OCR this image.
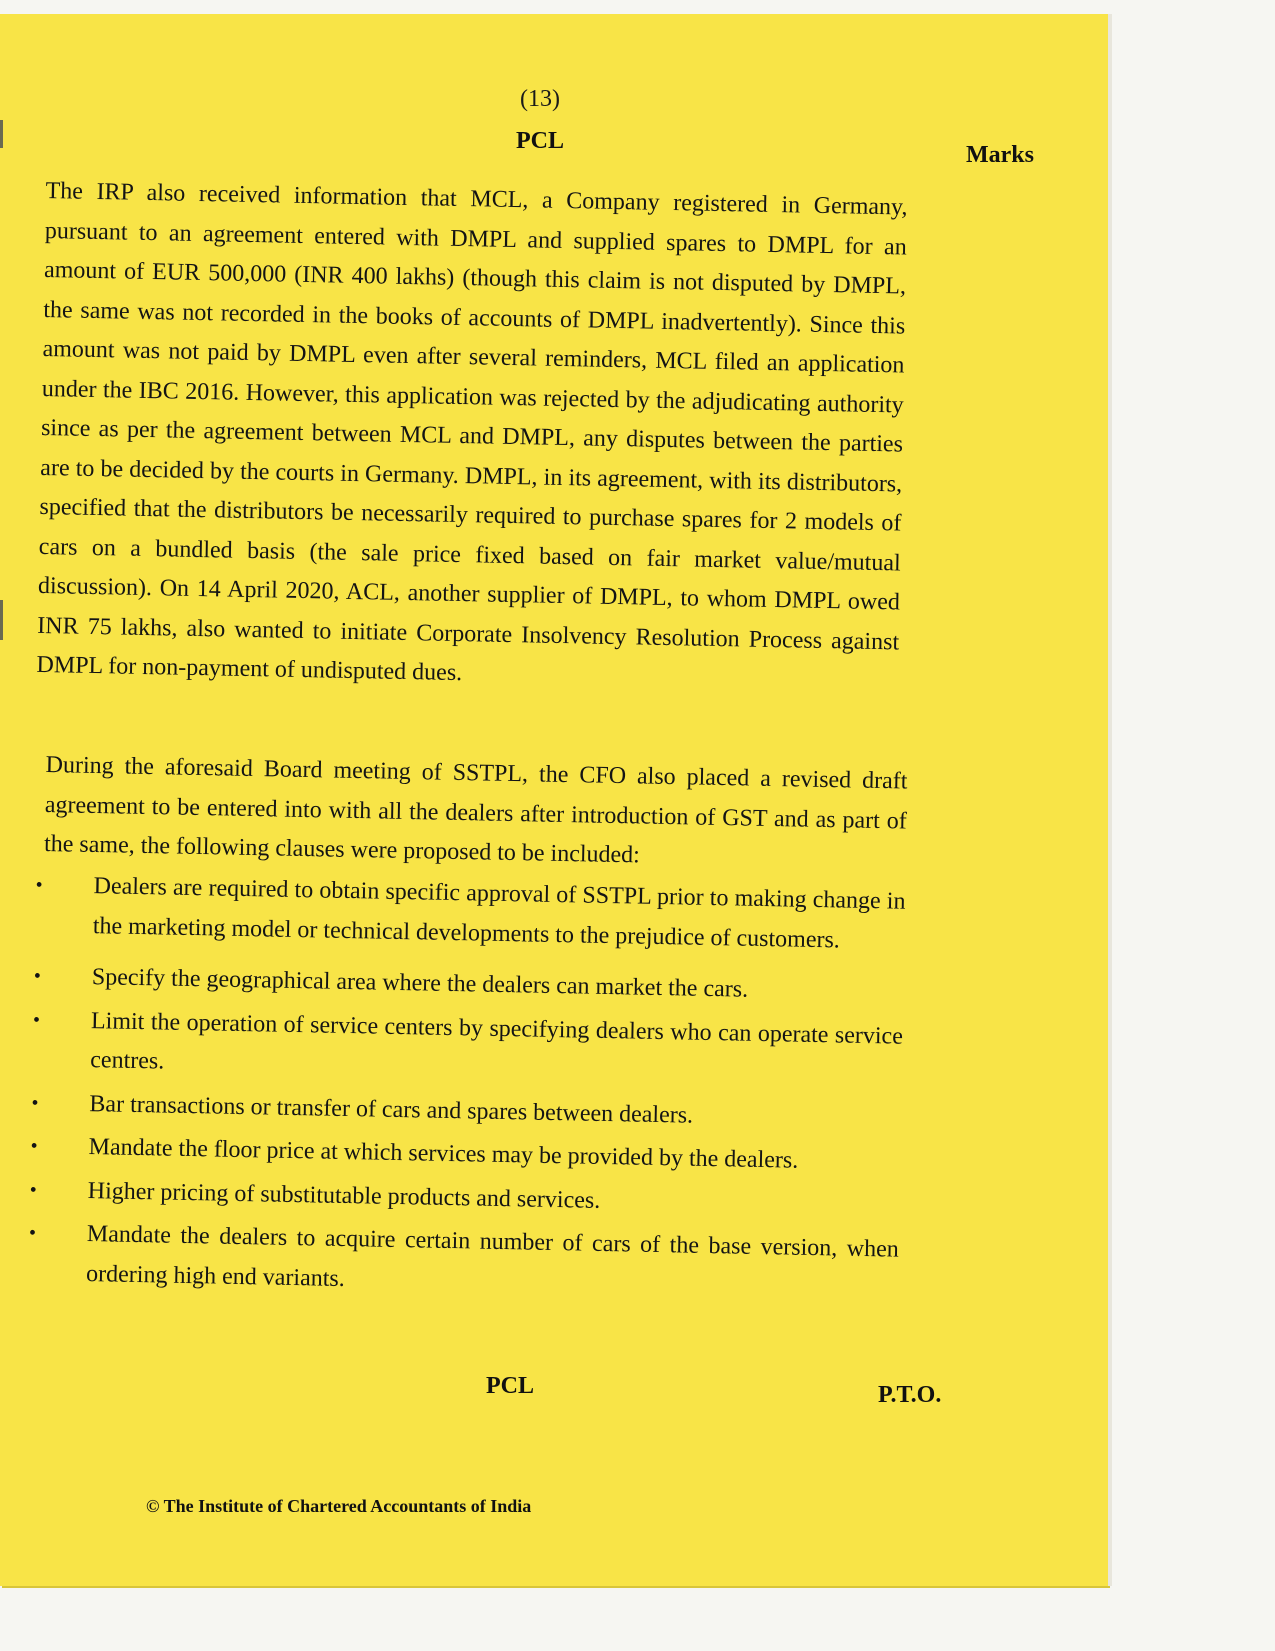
(13)
PCL
Marks

The IRP also received information that MCL, a Company registered in Germany, pursuant to an agreement entered with DMPL and supplied spares to DMPL for an amount of EUR 500,000 (INR 400 lakhs) (though this claim is not disputed by DMPL, the same was not recorded in the books of accounts of DMPL inadvertently). Since this amount was not paid by DMPL even after several reminders, MCL filed an application under the IBC 2016. However, this application was rejected by the adjudicating authority since as per the agreement between MCL and DMPL, any disputes between the parties are to be decided by the courts in Germany. DMPL, in its agreement, with its distributors, specified that the distributors be necessarily required to purchase spares for 2 models of cars on a bundled basis (the sale price fixed based on fair market value/mutual discussion). On 14 April 2020, ACL, another supplier of DMPL, to whom DMPL owed INR 75 lakhs, also wanted to initiate Corporate Insolvency Resolution Process against DMPL for non-payment of undisputed dues.

During the aforesaid Board meeting of SSTPL, the CFO also placed a revised draft agreement to be entered into with all the dealers after introduction of GST and as part of the same, the following clauses were proposed to be included:

•	Dealers are required to obtain specific approval of SSTPL prior to making change in the marketing model or technical developments to the prejudice of customers.
•	Specify the geographical area where the dealers can market the cars.
•	Limit the operation of service centers by specifying dealers who can operate service centres.
•	Bar transactions or transfer of cars and spares between dealers.
•	Mandate the floor price at which services may be provided by the dealers.
•	Higher pricing of substitutable products and services.
•	Mandate the dealers to acquire certain number of cars of the base version, when ordering high end variants.
PCL	P.T.O.
© The Institute of Chartered Accountants of India
